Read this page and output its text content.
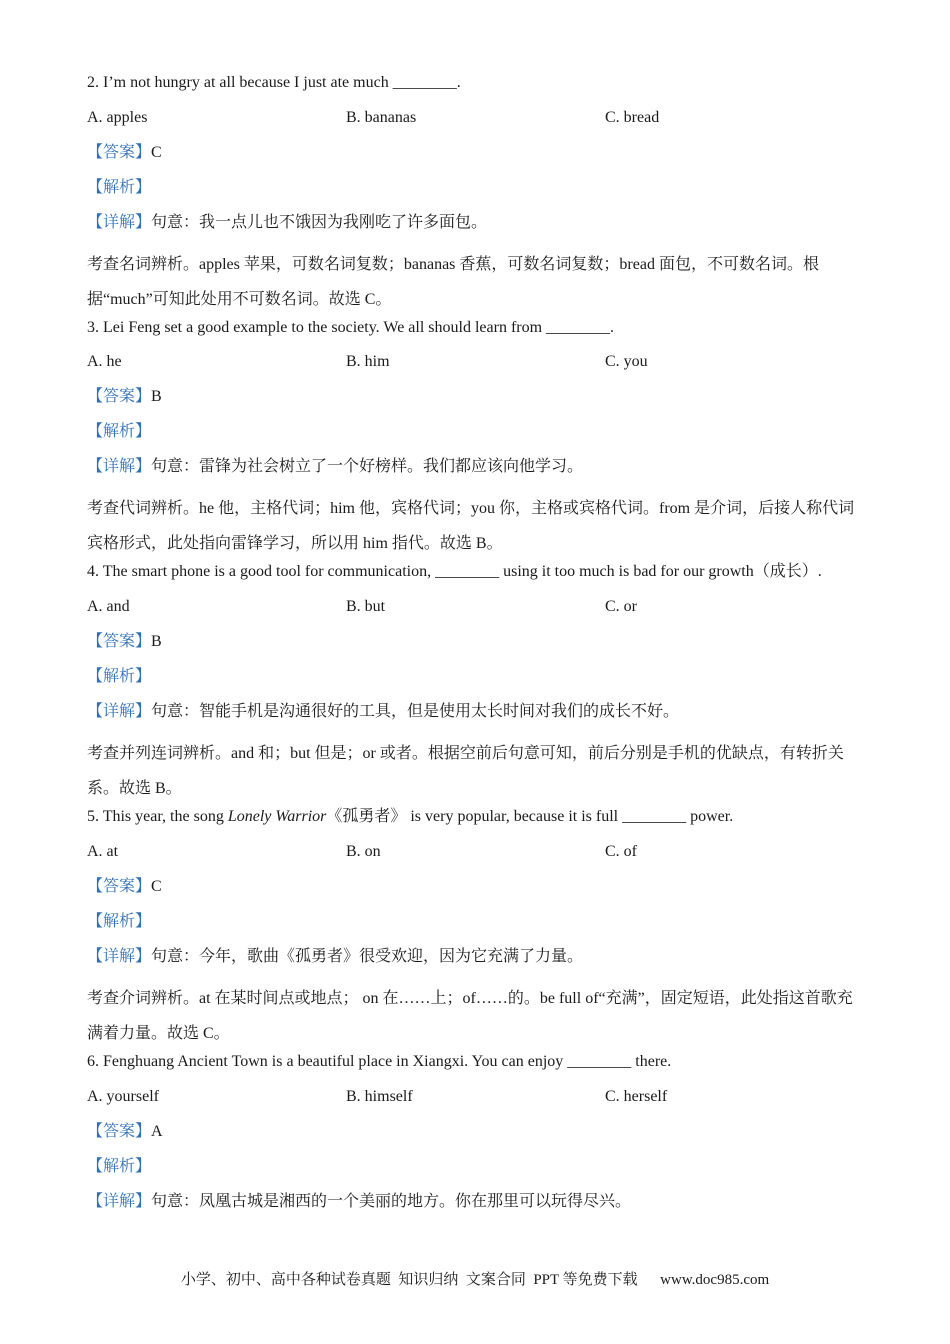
2. I’m not hungry at all because I just ate much ________.
A. apples	B. bananas	C. bread
【答案】C
【解析】
【详解】句意：我一点儿也不饿因为我刚吃了许多面包。
考查名词辨析。apples 苹果，可数名词复数；bananas 香蕉，可数名词复数；bread 面包，不可数名词。根据“much”可知此处用不可数名词。故选 C。
3. Lei Feng set a good example to the society. We all should learn from ________.
A. he	B. him	C. you
【答案】B
【解析】
【详解】句意：雷锋为社会树立了一个好榜样。我们都应该向他学习。
考查代词辨析。he 他，主格代词；him 他，宾格代词；you 你，主格或宾格代词。from 是介词，后接人称代词宾格形式，此处指向雷锋学习，所以用 him 指代。故选 B。
4. The smart phone is a good tool for communication, ________ using it too much is bad for our growth（成长）.
A. and	B. but	C. or
【答案】B
【解析】
【详解】句意：智能手机是沟通很好的工具，但是使用太长时间对我们的成长不好。
考查并列连词辨析。and 和；but 但是；or 或者。根据空前后句意可知，前后分别是手机的优缺点，有转折关系。故选 B。
5. This year, the song Lonely Warrior《孤勇者》 is very popular, because it is full ________ power.
A. at	B. on	C. of
【答案】C
【解析】
【详解】句意：今年，歌曲《孤勇者》很受欢迎，因为它充满了力量。
考查介词辨析。at 在某时间点或地点； on 在……上；of……的。be full of“充满”，固定短语，此处指这首歌充满着力量。故选 C。
6. Fenghuang Ancient Town is a beautiful place in Xiangxi. You can enjoy ________ there.
A. yourself	B. himself	C. herself
【答案】A
【解析】
【详解】句意：凤凰古城是湘西的一个美丽的地方。你在那里可以玩得尽兴。
小学、初中、高中各种试卷真题  知识归纳  文案合同  PPT 等免费下载      www.doc985.com
